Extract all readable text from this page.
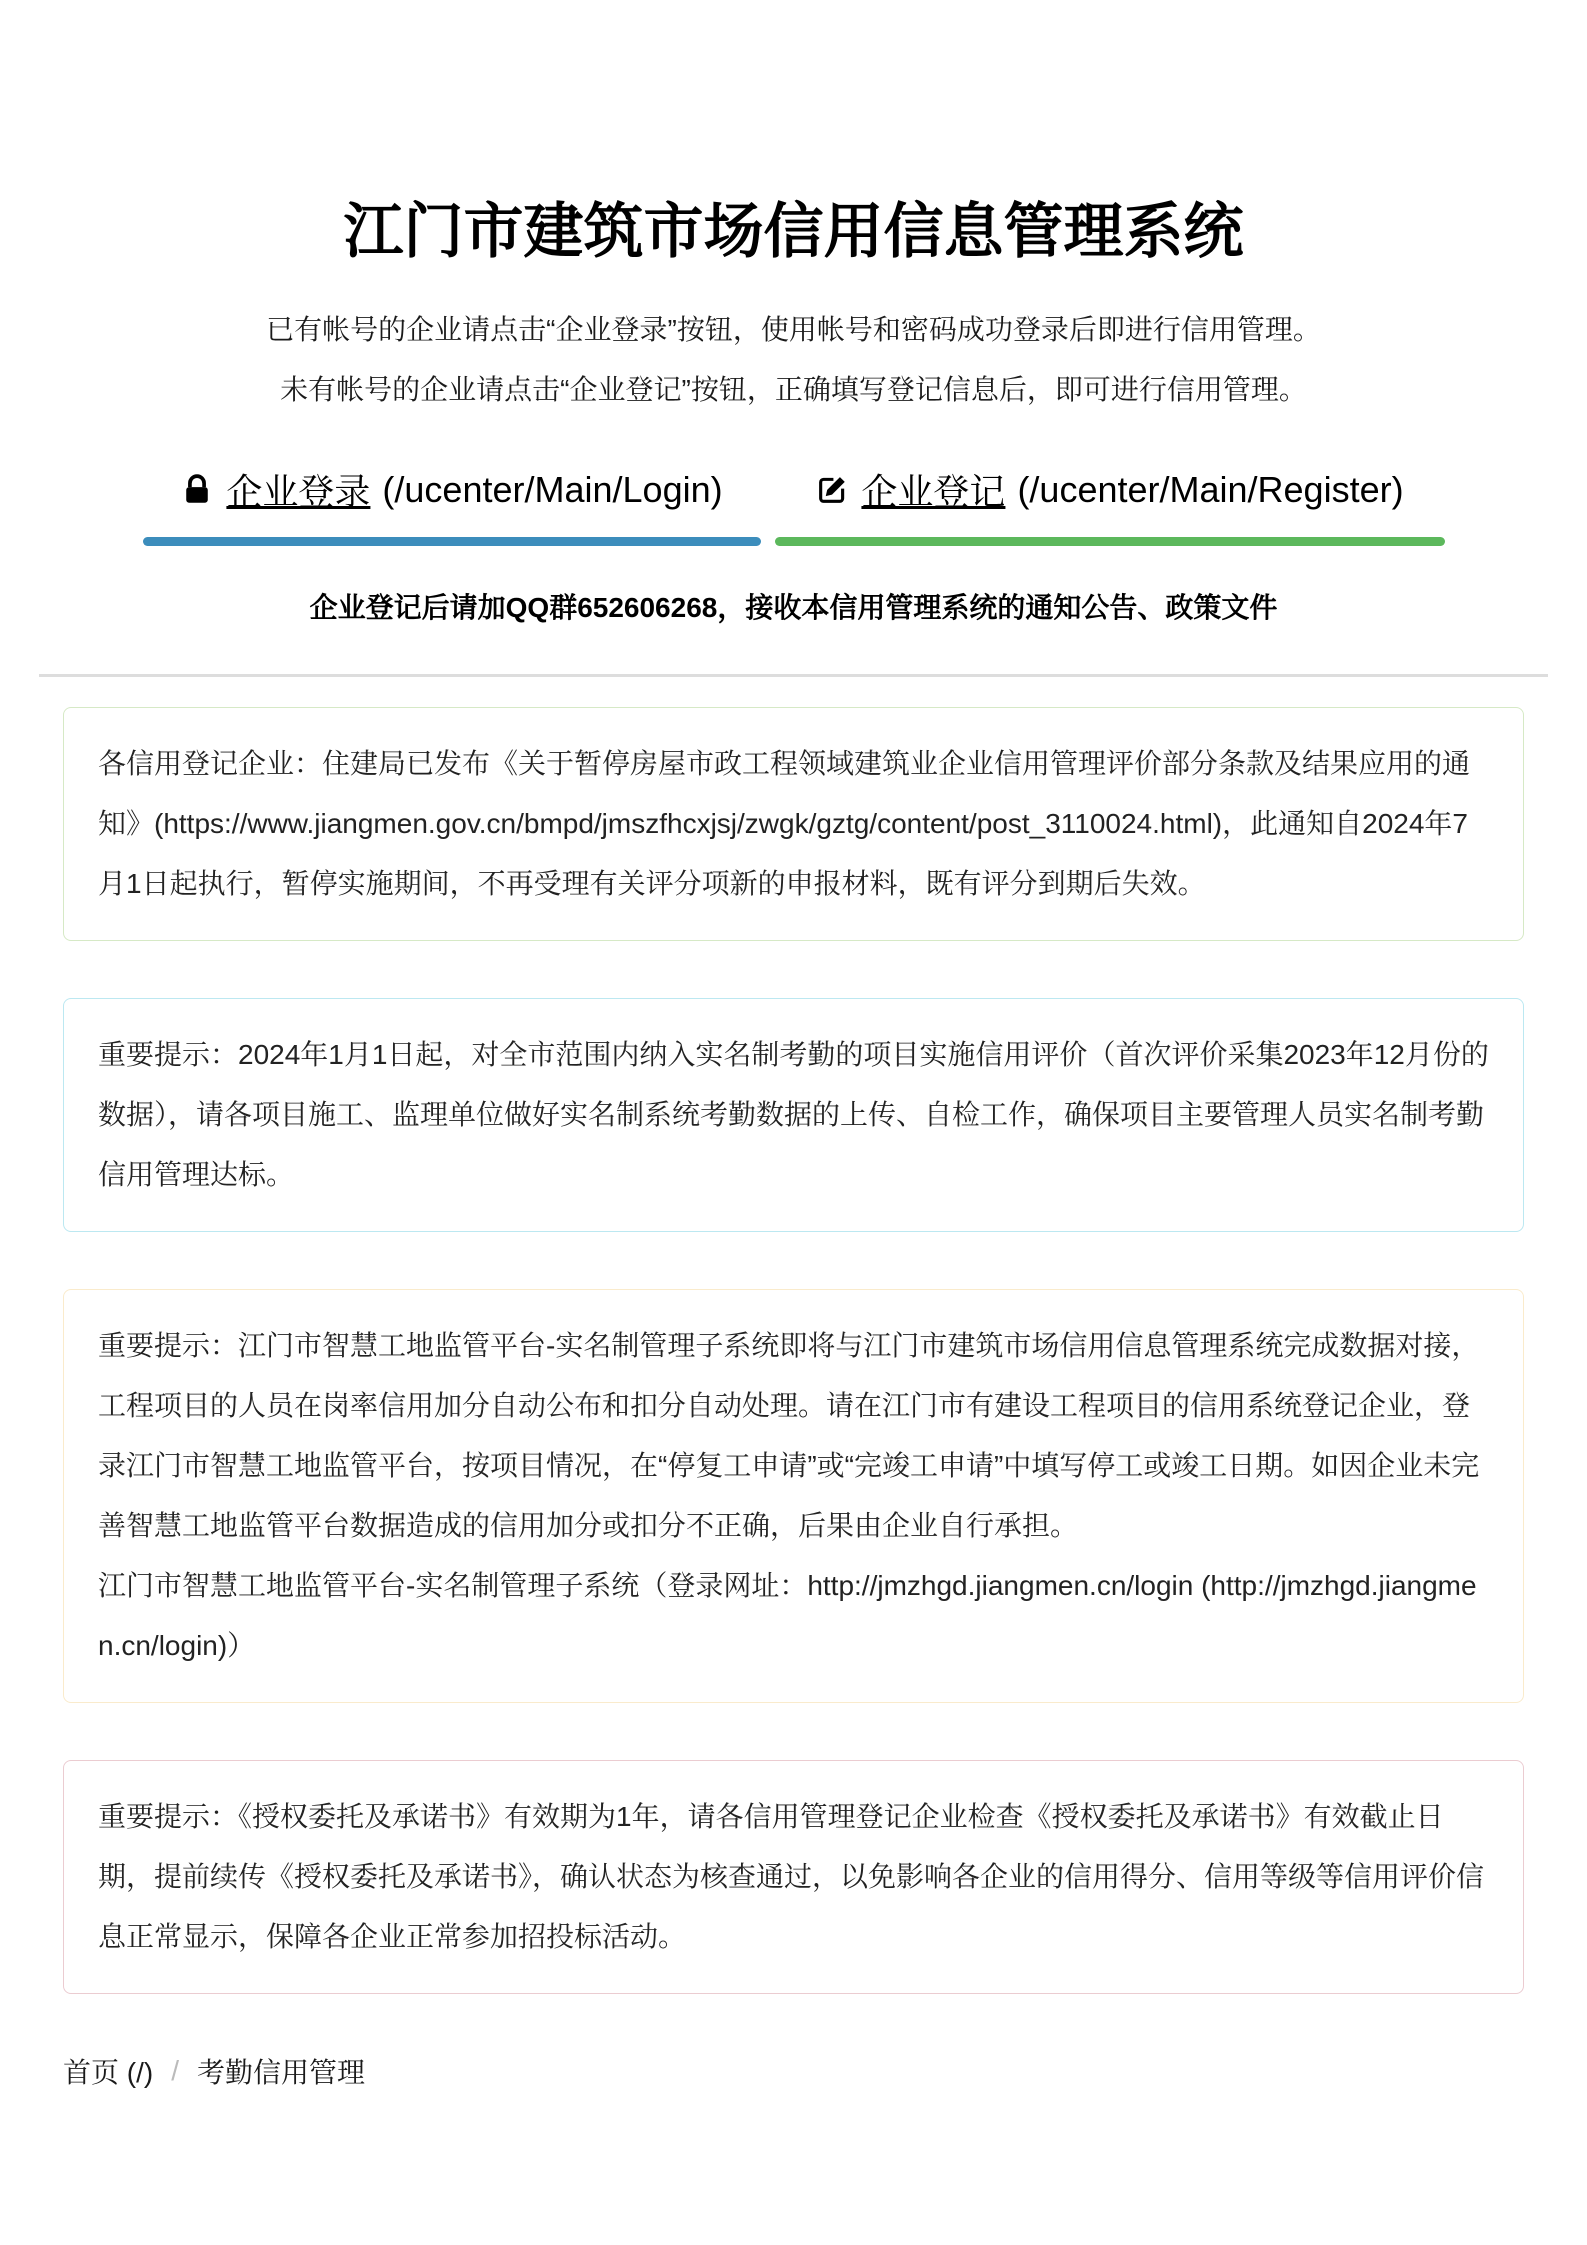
江门市建筑市场信用信息管理系统

已有帐号的企业请点击“企业登录”按钮，使用帐号和密码成功登录后即进行信用管理。

未有帐号的企业请点击“企业登记”按钮，正确填写登记信息后，即可进行信用管理。

企业登录 (/ucenter/Main/Login)	企业登记 (/ucenter/Main/Register)
企业登记后请加QQ群652606268，接收本信用管理系统的通知公告、政策文件

各信用登记企业：住建局已发布《关于暂停房屋市政工程领域建筑业企业信用管理评价部分条款及结果应用的通知》(https://www.jiangmen.gov.cn/bmpd/jmszfhcxjsj/zwgk/gztg/content/post_3110024.html)，此通知自2024年7月1日起执行，暂停实施期间，不再受理有关评分项新的申报材料，既有评分到期后失效。

重要提示：2024年1月1日起，对全市范围内纳入实名制考勤的项目实施信用评价（首次评价采集2023年12月份的数据），请各项目施工、监理单位做好实名制系统考勤数据的上传、自检工作，确保项目主要管理人员实名制考勤信用管理达标。

重要提示：江门市智慧工地监管平台-实名制管理子系统即将与江门市建筑市场信用信息管理系统完成数据对接，工程项目的人员在岗率信用加分自动公布和扣分自动处理。请在江门市有建设工程项目的信用系统登记企业，登录江门市智慧工地监管平台，按项目情况，在“停复工申请”或“完竣工申请”中填写停工或竣工日期。如因企业未完善智慧工地监管平台数据造成的信用加分或扣分不正确，后果由企业自行承担。

江门市智慧工地监管平台-实名制管理子系统（登录网址：http://jmzhgd.jiangmen.cn/login (http://jmzhgd.jiangmen.cn/login)）

重要提示：《授权委托及承诺书》有效期为1年，请各信用管理登记企业检查《授权委托及承诺书》有效截止日期，提前续传《授权委托及承诺书》，确认状态为核查通过，以免影响各企业的信用得分、信用等级等信用评价信息正常显示，保障各企业正常参加招投标活动。

首页 (/) / 考勤信用管理
